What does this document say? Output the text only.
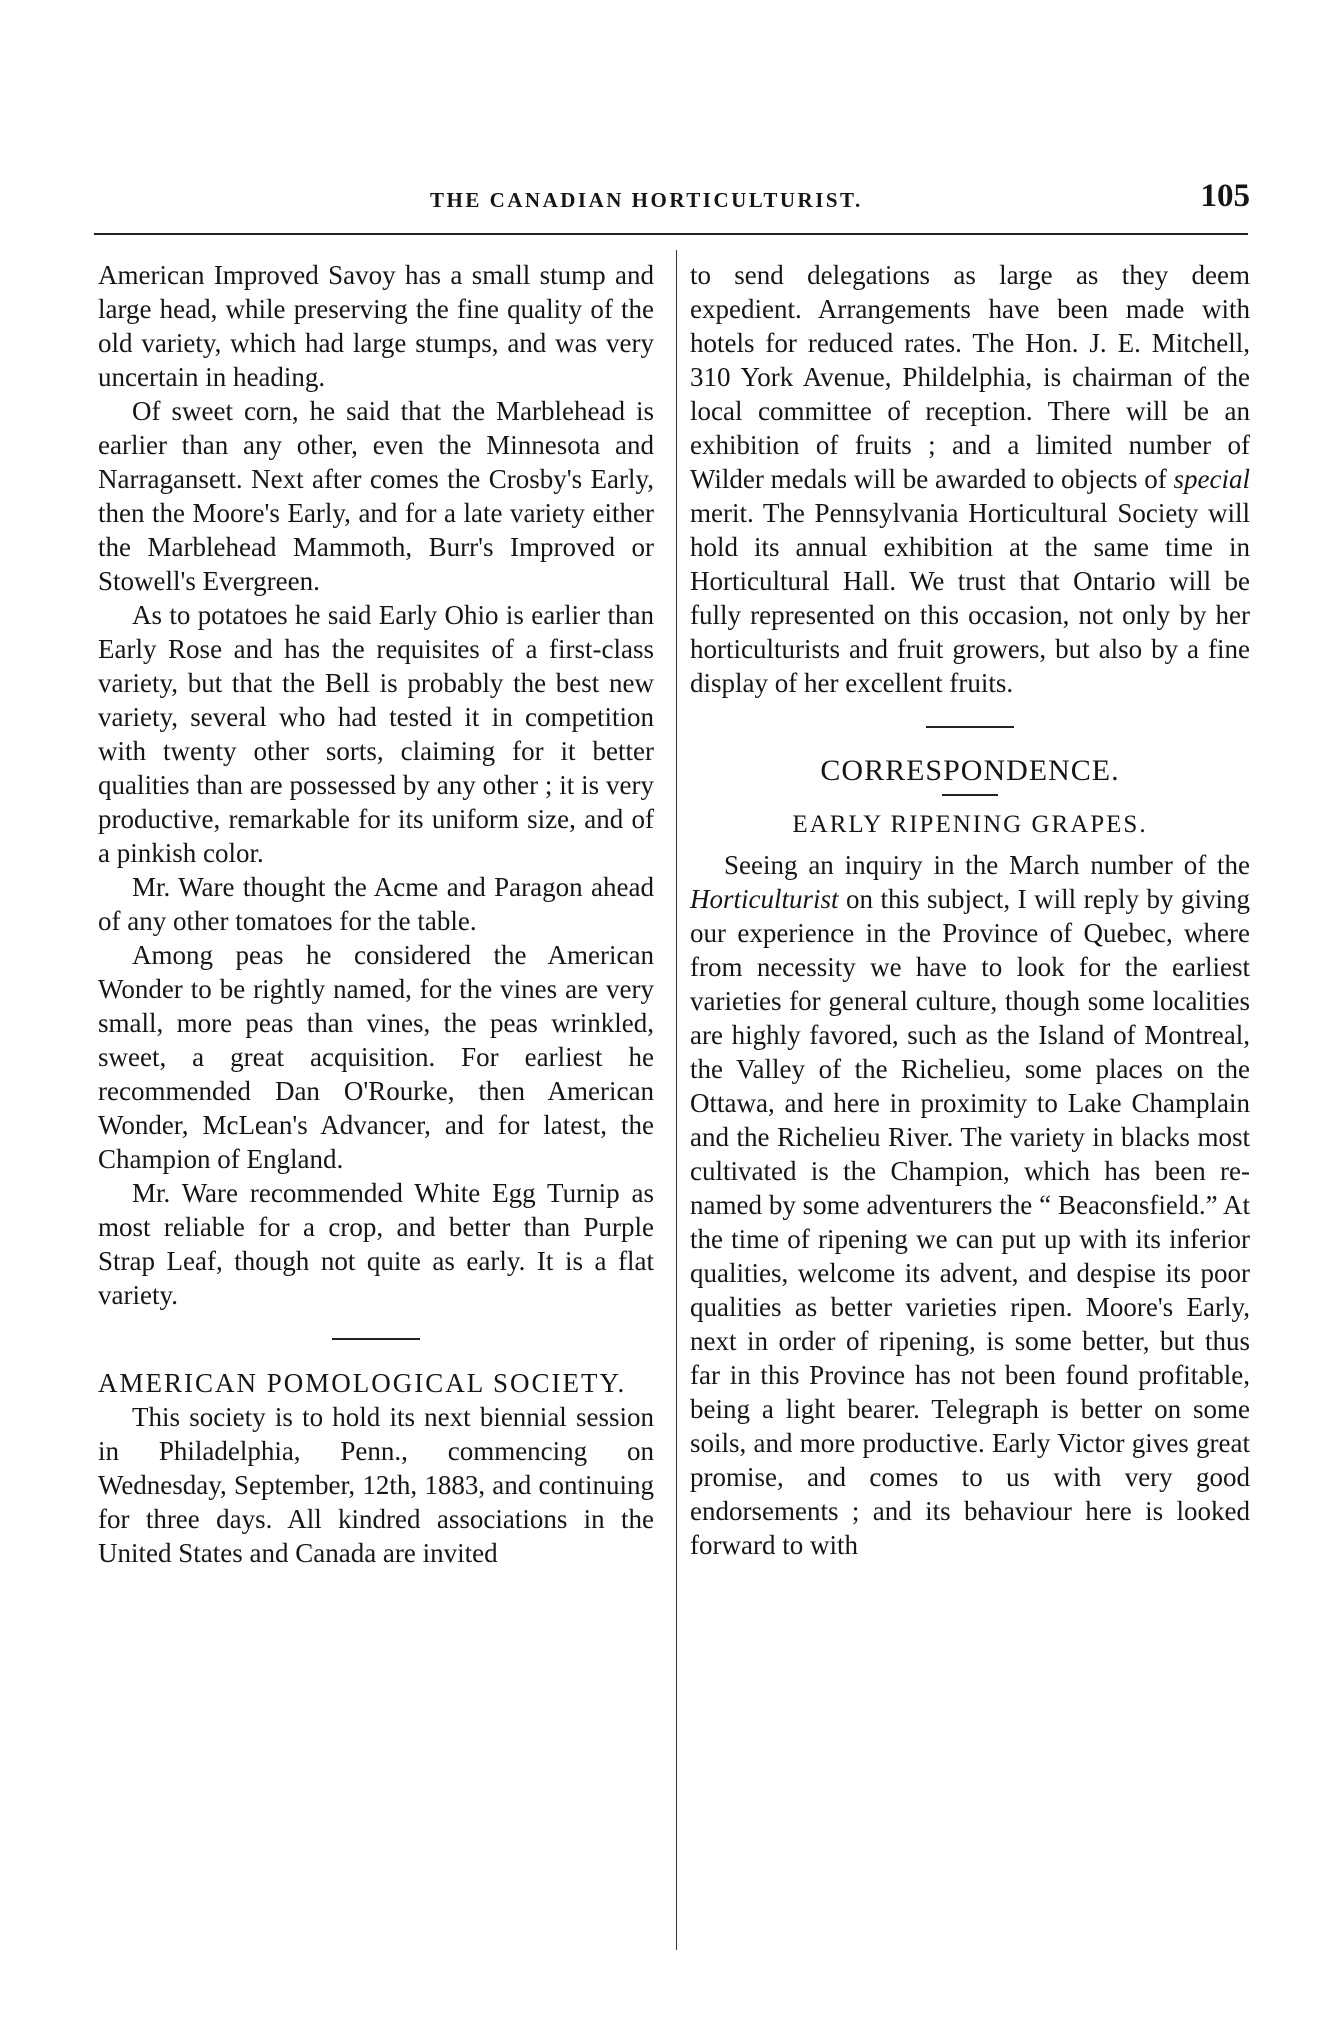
THE CANADIAN HORTICULTURIST.	105

American Improved Savoy has a small stump and large head, while preserving the fine quality of the old variety, which had large stumps, and was very uncertain in heading.

Of sweet corn, he said that the Marblehead is earlier than any other, even the Minnesota and Narragansett. Next after comes the Crosby's Early, then the Moore's Early, and for a late variety either the Marblehead Mammoth, Burr's Improved or Stowell's Evergreen.

As to potatoes he said Early Ohio is earlier than Early Rose and has the requisites of a first-class variety, but that the Bell is probably the best new variety, several who had tested it in competition with twenty other sorts, claiming for it better qualities than are possessed by any other ; it is very productive, remarkable for its uniform size, and of a pinkish color.

Mr. Ware thought the Acme and Paragon ahead of any other tomatoes for the table.

Among peas he considered the American Wonder to be rightly named, for the vines are very small, more peas than vines, the peas wrinkled, sweet, a great acquisition. For earliest he recommended Dan O'Rourke, then American Wonder, McLean's Advancer, and for latest, the Champion of England.

Mr. Ware recommended White Egg Turnip as most reliable for a crop, and better than Purple Strap Leaf, though not quite as early. It is a flat variety.

AMERICAN POMOLOGICAL SOCIETY.

This society is to hold its next biennial session in Philadelphia, Penn., commencing on Wednesday, September, 12th, 1883, and continuing for three days. All kindred associations in the United States and Canada are invited

to send delegations as large as they deem expedient. Arrangements have been made with hotels for reduced rates. The Hon. J. E. Mitchell, 310 York Avenue, Phildelphia, is chairman of the local committee of reception. There will be an exhibition of fruits ; and a limited number of Wilder medals will be awarded to objects of special merit. The Pennsylvania Horticultural Society will hold its annual exhibition at the same time in Horticultural Hall. We trust that Ontario will be fully represented on this occasion, not only by her horticulturists and fruit growers, but also by a fine display of her excellent fruits.

CORRESPONDENCE.

EARLY RIPENING GRAPES.

Seeing an inquiry in the March number of the Horticulturist on this subject, I will reply by giving our experience in the Province of Quebec, where from necessity we have to look for the earliest varieties for general culture, though some localities are highly favored, such as the Island of Montreal, the Valley of the Richelieu, some places on the Ottawa, and here in proximity to Lake Champlain and the Richelieu River. The variety in blacks most cultivated is the Champion, which has been re-named by some adventurers the “ Beaconsfield.” At the time of ripening we can put up with its inferior qualities, welcome its advent, and despise its poor qualities as better varieties ripen. Moore's Early, next in order of ripening, is some better, but thus far in this Province has not been found profitable, being a light bearer. Telegraph is better on some soils, and more productive. Early Victor gives great promise, and comes to us with very good endorsements ; and its behaviour here is looked forward to with
